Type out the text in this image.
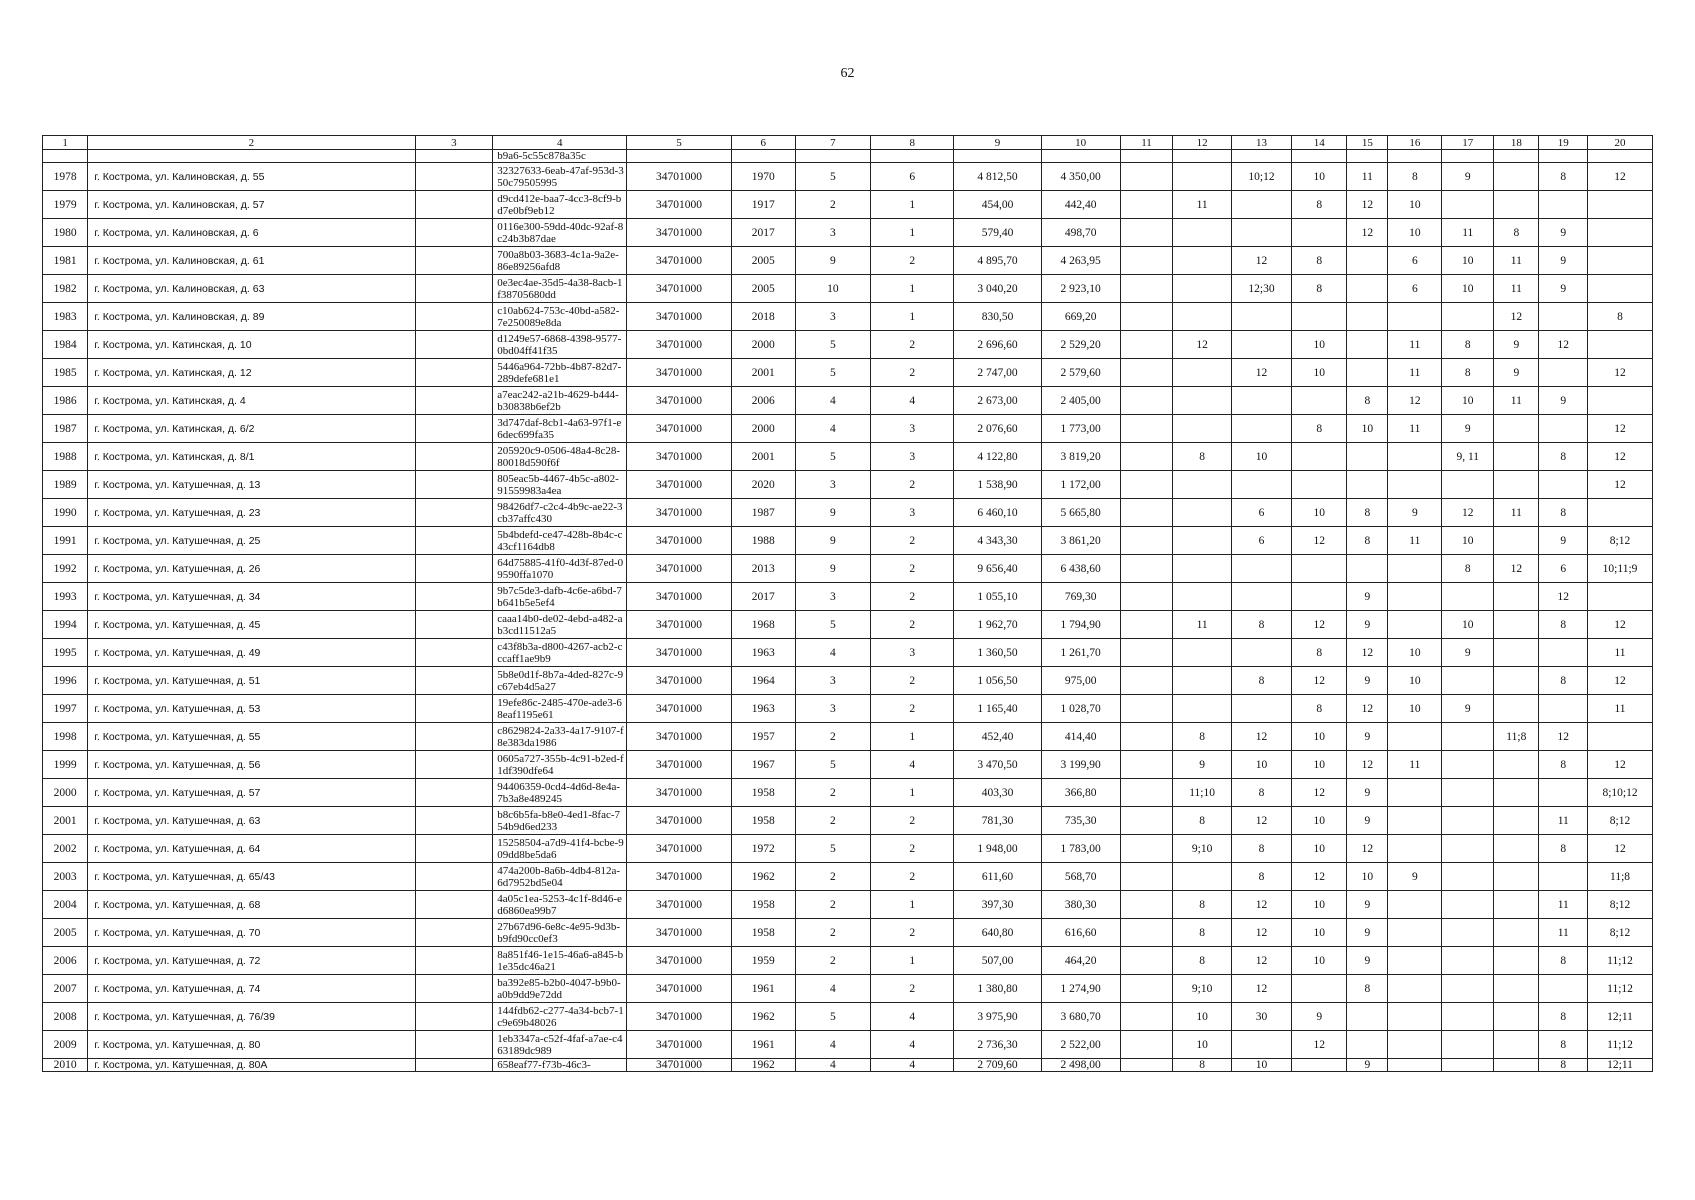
62
1	2	3	4	5	6	7	8	9	10	11	12	13	14	15	16	17	18	19	20
			b9a6-5c55c878a35c																
1978	г. Кострома, ул. Калиновская, д. 55		32327633-6eab-47af-953d-350c79505995	34701000	1970	5	6	4 812,50	4 350,00			10;12	10	11	8	9		8	12
1979	г. Кострома, ул. Калиновская, д. 57		d9cd412e-baa7-4cc3-8cf9-bd7e0bf9eb12	34701000	1917	2	1	454,00	442,40		11		8	12	10				
1980	г. Кострома, ул. Калиновская, д. 6		0116e300-59dd-40dc-92af-8c24b3b87dae	34701000	2017	3	1	579,40	498,70					12	10	11	8	9	
1981	г. Кострома, ул. Калиновская, д. 61		700a8b03-3683-4c1a-9a2e-86e89256afd8	34701000	2005	9	2	4 895,70	4 263,95			12	8		6	10	11	9	
1982	г. Кострома, ул. Калиновская, д. 63		0e3ec4ae-35d5-4a38-8acb-1f38705680dd	34701000	2005	10	1	3 040,20	2 923,10			12;30	8		6	10	11	9	
1983	г. Кострома, ул. Калиновская, д. 89		c10ab624-753c-40bd-a582-7e250089e8da	34701000	2018	3	1	830,50	669,20								12		8
1984	г. Кострома, ул. Катинская, д. 10		d1249e57-6868-4398-9577-0bd04ff41f35	34701000	2000	5	2	2 696,60	2 529,20		12		10		11	8	9	12	
1985	г. Кострома, ул. Катинская, д. 12		5446a964-72bb-4b87-82d7-289defe681e1	34701000	2001	5	2	2 747,00	2 579,60			12	10		11	8	9		12
1986	г. Кострома, ул. Катинская, д. 4		a7eac242-a21b-4629-b444-b30838b6ef2b	34701000	2006	4	4	2 673,00	2 405,00					8	12	10	11	9	
1987	г. Кострома, ул. Катинская, д. 6/2		3d747daf-8cb1-4a63-97f1-e6dec699fa35	34701000	2000	4	3	2 076,60	1 773,00				8	10	11	9			12
1988	г. Кострома, ул. Катинская, д. 8/1		205920c9-0506-48a4-8c28-80018d590f6f	34701000	2001	5	3	4 122,80	3 819,20		8	10				9, 11		8	12
1989	г. Кострома, ул. Катушечная, д. 13		805eac5b-4467-4b5c-a802-91559983a4ea	34701000	2020	3	2	1 538,90	1 172,00										12
1990	г. Кострома, ул. Катушечная, д. 23		98426df7-c2c4-4b9c-ae22-3cb37affc430	34701000	1987	9	3	6 460,10	5 665,80			6	10	8	9	12	11	8	
1991	г. Кострома, ул. Катушечная, д. 25		5b4bdefd-ce47-428b-8b4c-c43cf1164db8	34701000	1988	9	2	4 343,30	3 861,20			6	12	8	11	10		9	8;12
1992	г. Кострома, ул. Катушечная, д. 26		64d75885-41f0-4d3f-87ed-09590ffa1070	34701000	2013	9	2	9 656,40	6 438,60							8	12	6	10;11;9
1993	г. Кострома, ул. Катушечная, д. 34		9b7c5de3-dafb-4c6e-a6bd-7b641b5e5ef4	34701000	2017	3	2	1 055,10	769,30					9				12	
1994	г. Кострома, ул. Катушечная, д. 45		caaa14b0-de02-4ebd-a482-ab3cd11512a5	34701000	1968	5	2	1 962,70	1 794,90		11	8	12	9		10		8	12
1995	г. Кострома, ул. Катушечная, д. 49		c43f8b3a-d800-4267-acb2-cccaff1ae9b9	34701000	1963	4	3	1 360,50	1 261,70				8	12	10	9			11
1996	г. Кострома, ул. Катушечная, д. 51		5b8e0d1f-8b7a-4ded-827c-9c67eb4d5a27	34701000	1964	3	2	1 056,50	975,00			8	12	9	10			8	12
1997	г. Кострома, ул. Катушечная, д. 53		19efe86c-2485-470e-ade3-68eaf1195e61	34701000	1963	3	2	1 165,40	1 028,70				8	12	10	9			11
1998	г. Кострома, ул. Катушечная, д. 55		c8629824-2a33-4a17-9107-f8e383da1986	34701000	1957	2	1	452,40	414,40		8	12	10	9			11;8	12	
1999	г. Кострома, ул. Катушечная, д. 56		0605a727-355b-4c91-b2ed-f1df390dfe64	34701000	1967	5	4	3 470,50	3 199,90		9	10	10	12	11			8	12
2000	г. Кострома, ул. Катушечная, д. 57		94406359-0cd4-4d6d-8e4a-7b3a8e489245	34701000	1958	2	1	403,30	366,80		11;10	8	12	9					8;10;12
2001	г. Кострома, ул. Катушечная, д. 63		b8c6b5fa-b8e0-4ed1-8fac-754b9d6ed233	34701000	1958	2	2	781,30	735,30		8	12	10	9				11	8;12
2002	г. Кострома, ул. Катушечная, д. 64		15258504-a7d9-41f4-bcbe-909dd8be5da6	34701000	1972	5	2	1 948,00	1 783,00		9;10	8	10	12				8	12
2003	г. Кострома, ул. Катушечная, д. 65/43		474a200b-8a6b-4db4-812a-6d7952bd5e04	34701000	1962	2	2	611,60	568,70			8	12	10	9				11;8
2004	г. Кострома, ул. Катушечная, д. 68		4a05c1ea-5253-4c1f-8d46-ed6860ea99b7	34701000	1958	2	1	397,30	380,30		8	12	10	9				11	8;12
2005	г. Кострома, ул. Катушечная, д. 70		27b67d96-6e8c-4e95-9d3b-b9fd90cc0ef3	34701000	1958	2	2	640,80	616,60		8	12	10	9				11	8;12
2006	г. Кострома, ул. Катушечная, д. 72		8a851f46-1e15-46a6-a845-b1e35dc46a21	34701000	1959	2	1	507,00	464,20		8	12	10	9				8	11;12
2007	г. Кострома, ул. Катушечная, д. 74		ba392e85-b2b0-4047-b9b0-a0b9dd9e72dd	34701000	1961	4	2	1 380,80	1 274,90		9;10	12		8					11;12
2008	г. Кострома, ул. Катушечная, д. 76/39		144fdb62-c277-4a34-bcb7-1c9e69b48026	34701000	1962	5	4	3 975,90	3 680,70		10	30	9					8	12;11
2009	г. Кострома, ул. Катушечная, д. 80		1eb3347a-c52f-4faf-a7ae-c463189dc989	34701000	1961	4	4	2 736,30	2 522,00		10		12					8	11;12
2010	г. Кострома, ул. Катушечная, д. 80А		658eaf77-f73b-46c3-	34701000	1962	4	4	2 709,60	2 498,00		8	10		9				8	12;11
